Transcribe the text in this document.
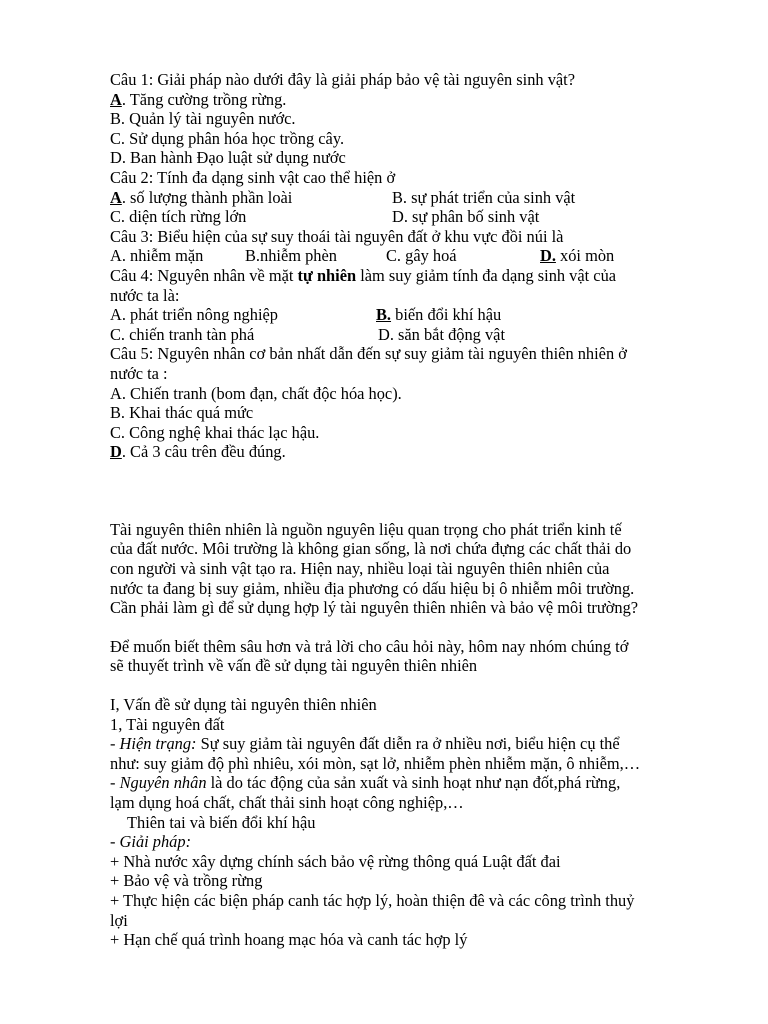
Câu 1: Giải pháp nào dưới đây là giải pháp bảo vệ tài nguyên sinh vật?
A. Tăng cường trồng rừng.
B. Quản lý tài nguyên nước.
C. Sử dụng phân hóa học trồng cây.
D. Ban hành Đạo luật sử dụng nước
Câu 2: Tính đa dạng sinh vật cao thể hiện ở
A. số lượng thành phần loài	B. sự phát triển của sinh vật
C. diện tích rừng lớn	D. sự phân bố sinh vật
Câu 3: Biểu hiện của sự suy thoái tài nguyên đất ở khu vực đồi núi là
A. nhiễm mặn	B.nhiễm phèn	C. gây hoá	D. xói mòn
Câu 4: Nguyên nhân về mặt tự nhiên làm suy giảm tính đa dạng sinh vật của
nước ta là:
A. phát triển nông nghiệp	B. biến đổi khí hậu
C. chiến tranh tàn phá	D. săn bắt động vật
Câu 5: Nguyên nhân cơ bản nhất dẫn đến sự suy giảm tài nguyên thiên nhiên ở
nước ta :
A. Chiến tranh (bom đạn, chất độc hóa học).
B. Khai thác quá mức
C. Công nghệ khai thác lạc hậu.
D. Cả 3 câu trên đều đúng.
Tài nguyên thiên nhiên là nguồn nguyên liệu quan trọng cho phát triển kinh tế
của đất nước. Môi trường là không gian sống, là nơi chứa đựng các chất thải do
con người và sinh vật tạo ra. Hiện nay, nhiều loại tài nguyên thiên nhiên của
nước ta đang bị suy giảm, nhiều địa phương có dấu hiệu bị ô nhiễm môi trường.
Cần phải làm gì để sử dụng hợp lý tài nguyên thiên nhiên và bảo vệ môi trường?
Để muốn biết thêm sâu hơn và trả lời cho câu hỏi này, hôm nay nhóm chúng tớ
sẽ thuyết trình về vấn đề sử dụng tài nguyên thiên nhiên
I, Vấn đề sử dụng tài nguyên thiên nhiên
1, Tài nguyên đất
- Hiện trạng: Sự suy giảm tài nguyên đất diễn ra ở nhiều nơi, biểu hiện cụ thể
như: suy giảm độ phì nhiêu, xói mòn, sạt lở, nhiễm phèn nhiễm mặn, ô nhiễm,…
- Nguyên nhân là do tác động của sản xuất và sinh hoạt như nạn đốt,phá rừng,
lạm dụng hoá chất, chất thải sinh hoạt công nghiệp,…
Thiên tai và biến đổi khí hậu
- Giải pháp:
+ Nhà nước xây dựng chính sách bảo vệ rừng thông quá Luật đất đai
+ Bảo vệ và trồng rừng
+ Thực hiện các biện pháp canh tác hợp lý, hoàn thiện đê và các công trình thuỷ
lợi
+ Hạn chế quá trình hoang mạc hóa và canh tác hợp lý
